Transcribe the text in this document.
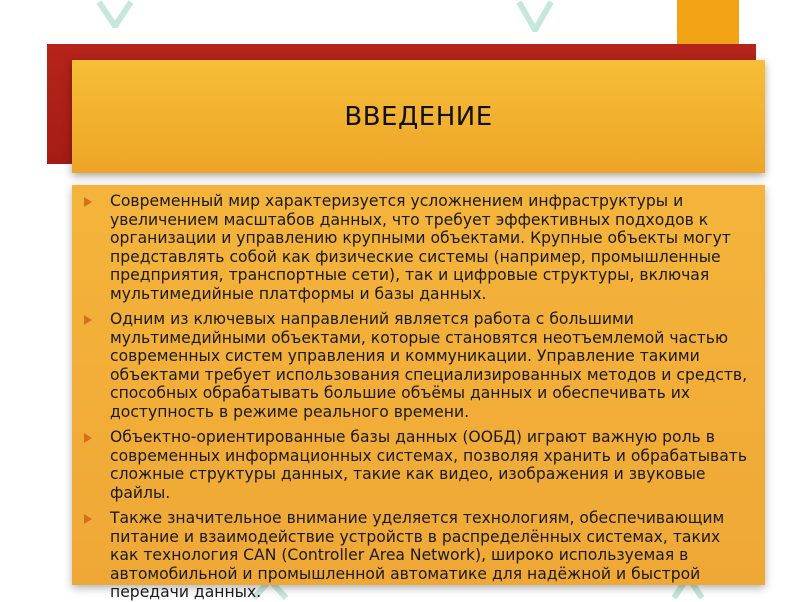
ВВЕДЕНИЕ

Современный мир характеризуется усложнением инфраструктуры и увеличением масштабов данных, что требует эффективных подходов к организации и управлению крупными объектами. Крупные объекты могут представлять собой как физические системы (например, промышленные предприятия, транспортные сети), так и цифровые структуры, включая мультимедийные платформы и базы данных.

Одним из ключевых направлений является работа с большими мультимедийными объектами, которые становятся неотъемлемой частью современных систем управления и коммуникации. Управление такими объектами требует использования специализированных методов и средств, способных обрабатывать большие объёмы данных и обеспечивать их доступность в режиме реального времени.

Объектно-ориентированные базы данных (ООБД) играют важную роль в современных информационных системах, позволяя хранить и обрабатывать сложные структуры данных, такие как видео, изображения и звуковые файлы.

Также значительное внимание уделяется технологиям, обеспечивающим питание и взаимодействие устройств в распределённых системах, таких как технология CAN (Controller Area Network), широко используемая в автомобильной и промышленной автоматике для надёжной и быстрой передачи данных.
